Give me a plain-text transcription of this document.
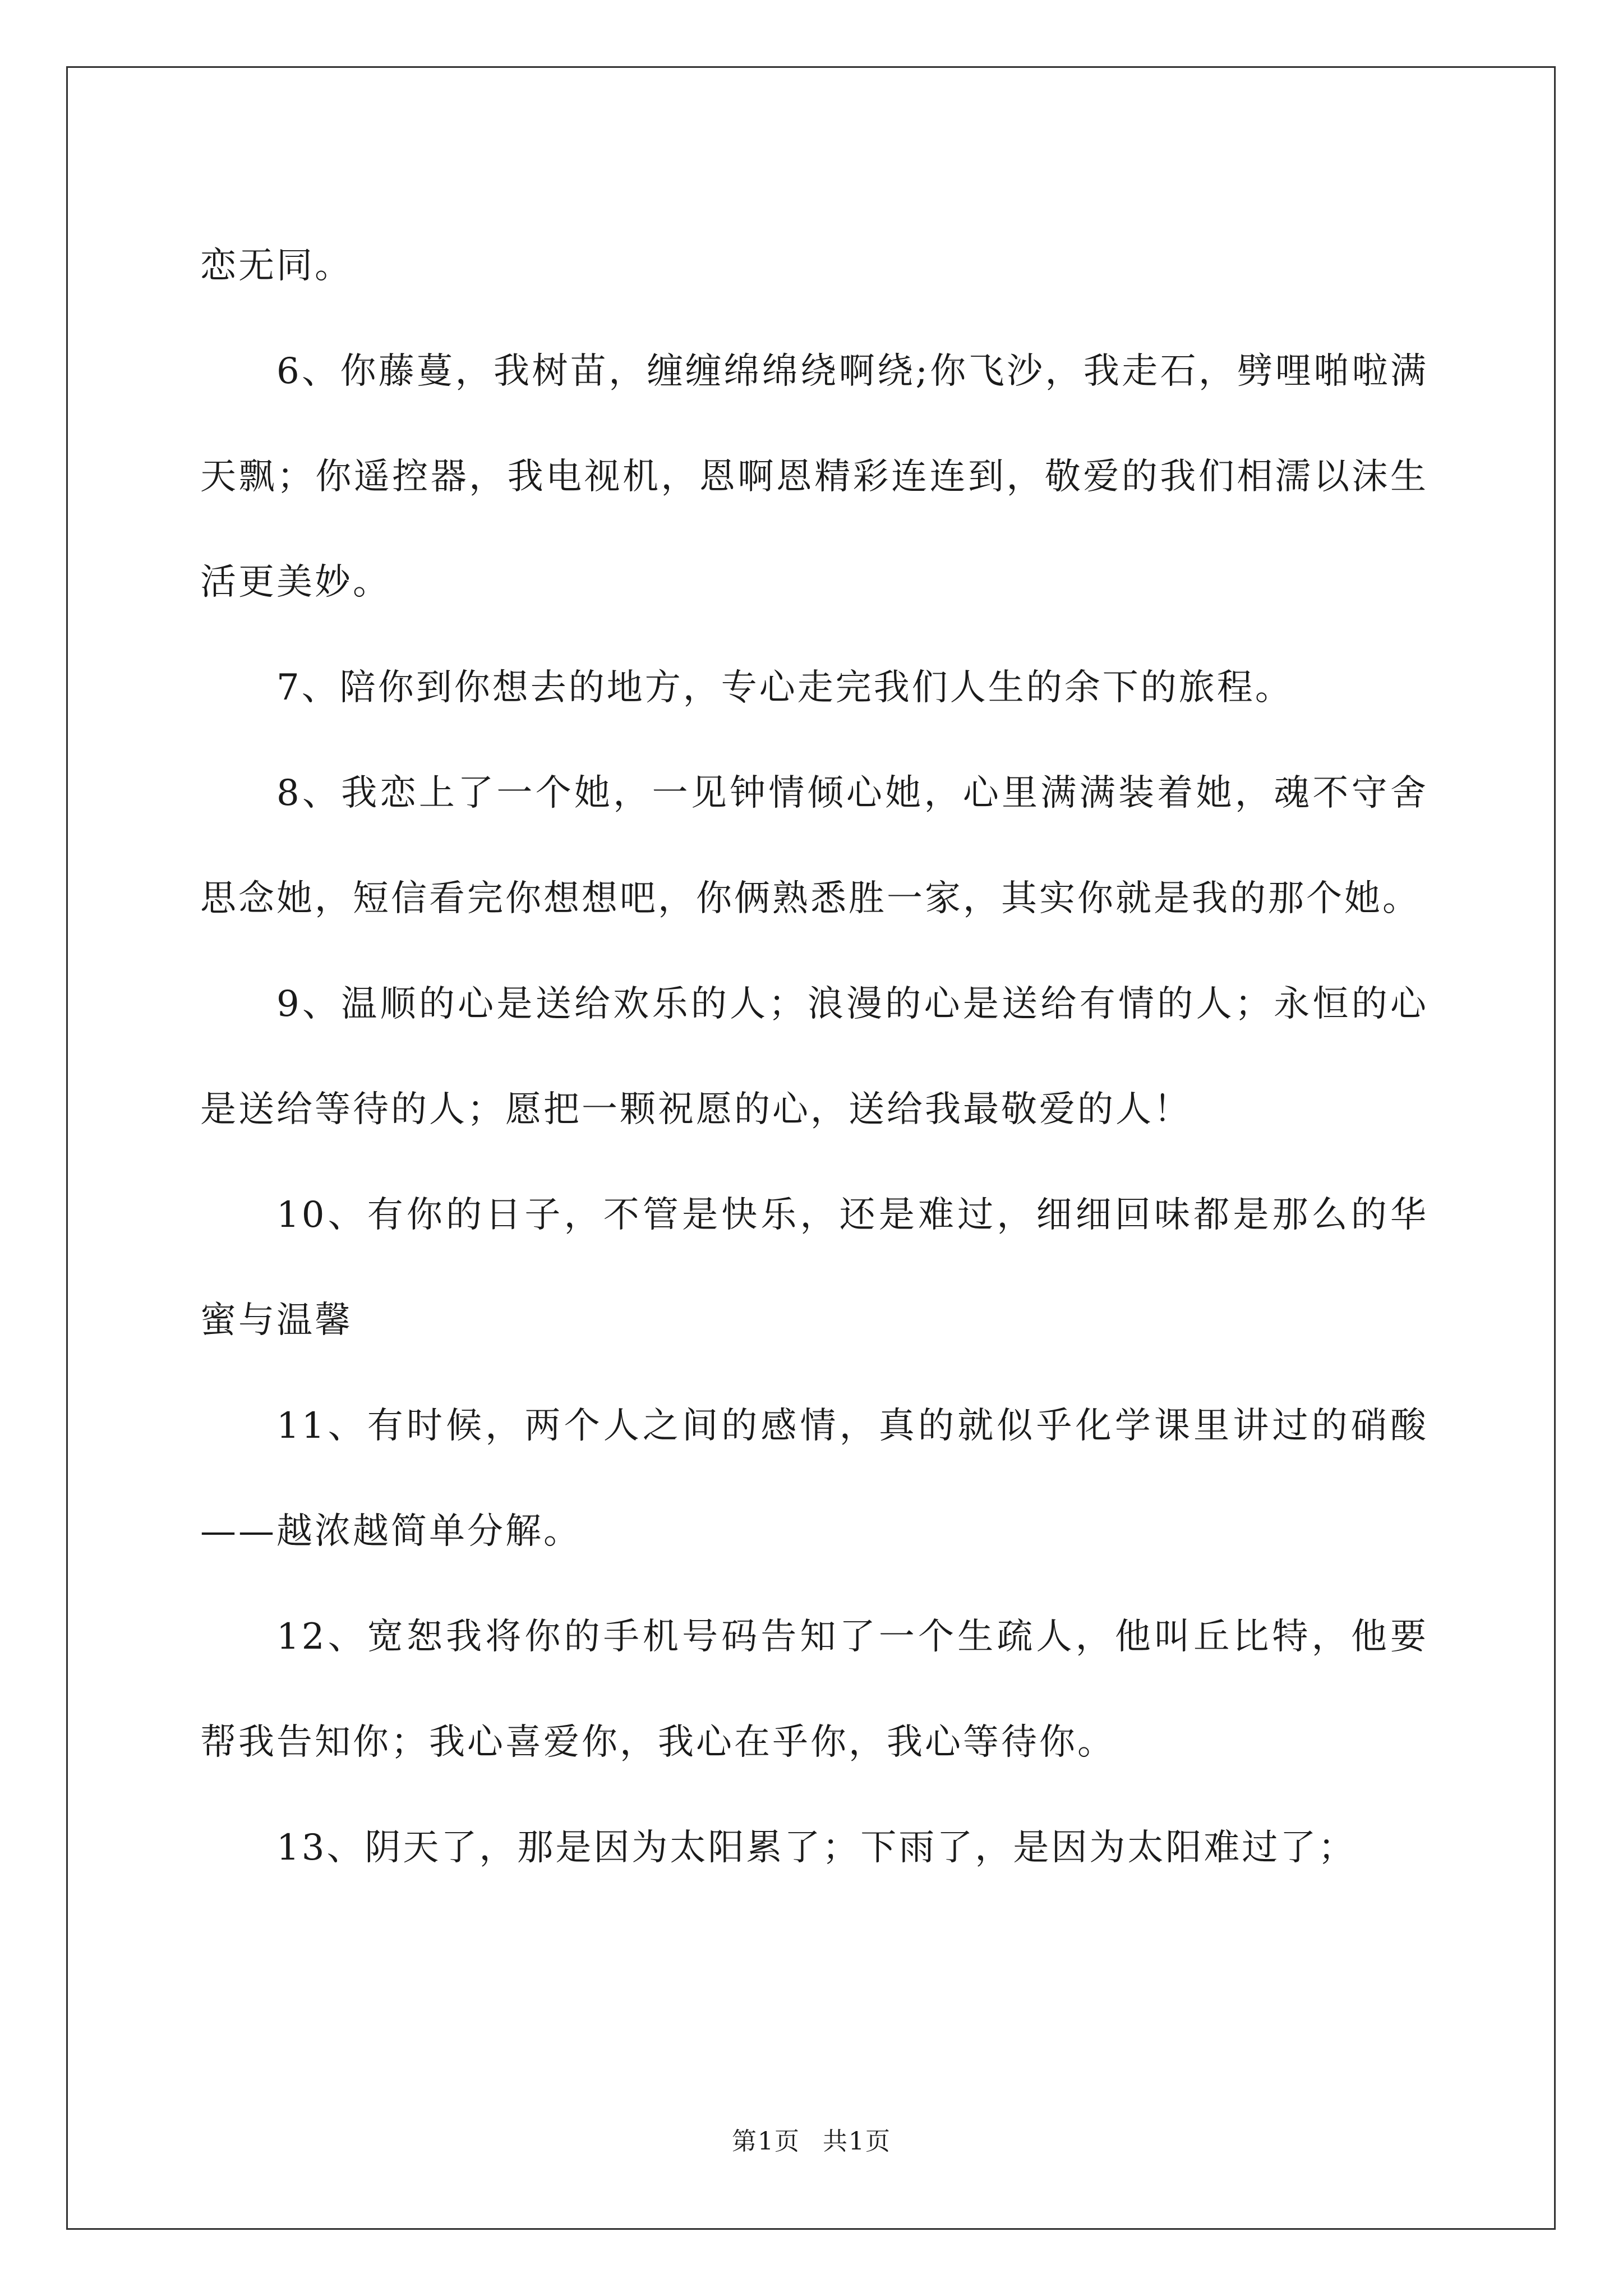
恋无同。

6、你藤蔓，我树苗，缠缠绵绵绕啊绕;你飞沙，我走石，劈哩啪啦满天飘；你遥控器，我电视机，恩啊恩精彩连连到，敬爱的我们相濡以沫生活更美妙。

7、陪你到你想去的地方，专心走完我们人生的余下的旅程。

8、我恋上了一个她，一见钟情倾心她，心里满满装着她，魂不守舍思念她，短信看完你想想吧，你俩熟悉胜一家，其实你就是我的那个她。

9、温顺的心是送给欢乐的人；浪漫的心是送给有情的人；永恒的心是送给等待的人；愿把一颗祝愿的心，送给我最敬爱的人！

10、有你的日子，不管是快乐，还是难过，细细回味都是那么的华蜜与温馨

11、有时候，两个人之间的感情，真的就似乎化学课里讲过的硝酸——越浓越简单分解。

12、宽恕我将你的手机号码告知了一个生疏人，他叫丘比特，他要帮我告知你；我心喜爱你，我心在乎你，我心等待你。

13、阴天了，那是因为太阳累了；下雨了，是因为太阳难过了；

第1页 共1页
